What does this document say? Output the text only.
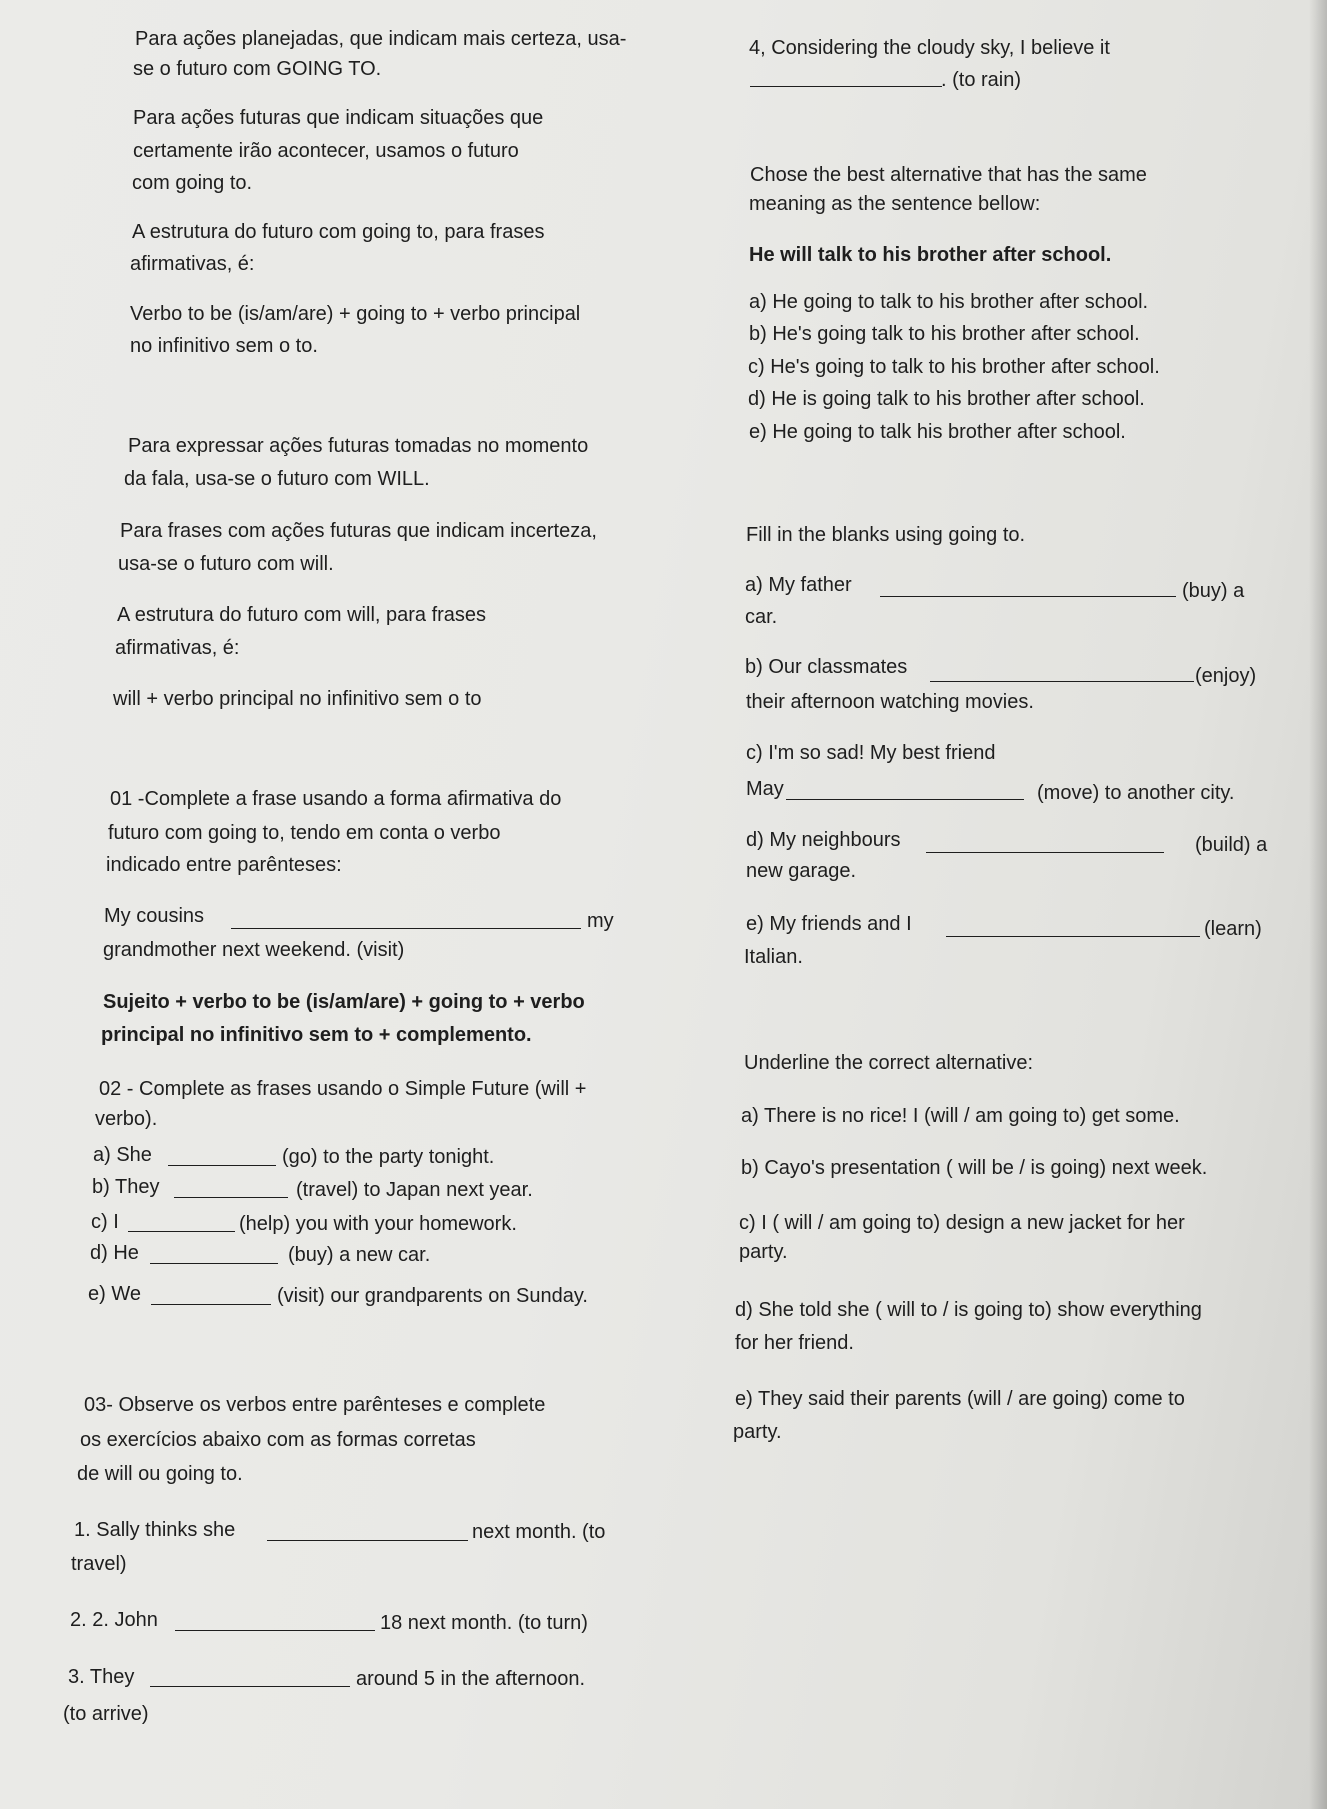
Para ações planejadas, que indicam mais certeza, usa-
se o futuro com GOING TO.
Para ações futuras que indicam situações que
certamente irão acontecer, usamos o futuro
com going to.
A estrutura do futuro com going to, para frases
afirmativas, é:
Verbo to be (is/am/are) + going to + verbo principal
no infinitivo sem o to.
Para expressar ações futuras tomadas no momento
da fala, usa-se o futuro com WILL.
Para frases com ações futuras que indicam incerteza,
usa-se o futuro com will.
A estrutura do futuro com will, para frases
afirmativas, é:
will + verbo principal no infinitivo sem o to
01 -Complete a frase usando a forma afirmativa do
futuro com going to, tendo em conta o verbo
indicado entre parênteses:
My cousins	my
grandmother next weekend. (visit)
Sujeito + verbo to be (is/am/are) + going to + verbo
principal no infinitivo sem to + complemento.
02 - Complete as frases usando o Simple Future (will +
verbo).
a) She	(go) to the party tonight.
b) They	(travel) to Japan next year.
c) I	(help) you with your homework.
d) He	(buy) a new car.
e) We	(visit) our grandparents on Sunday.
03- Observe os verbos entre parênteses e complete
os exercícios abaixo com as formas corretas
de will ou going to.
1. Sally thinks she	next month. (to
travel)
2. 2. John	18 next month. (to turn)
3. They	around 5 in the afternoon.
(to arrive)
4, Considering the cloudy sky, I believe it
. (to rain)
Chose the best alternative that has the same
meaning as the sentence bellow:
He will talk to his brother after school.
a) He going to talk to his brother after school.
b) He's going talk to his brother after school.
c) He's going to talk to his brother after school.
d) He is going talk to his brother after school.
e) He going to talk his brother after school.
Fill in the blanks using going to.
a) My father	(buy) a
car.
b) Our classmates	(enjoy)
their afternoon watching movies.
c) I'm so sad! My best friend
May	(move) to another city.
d) My neighbours	(build) a
new garage.
e) My friends and I	(learn)
Italian.
Underline the correct alternative:
a) There is no rice! I (will / am going to) get some.
b) Cayo's presentation ( will be / is going) next week.
c) I ( will / am going to) design a new jacket for her
party.
d) She told she ( will to / is going to) show everything
for her friend.
e) They said their parents (will / are going) come to
party.
